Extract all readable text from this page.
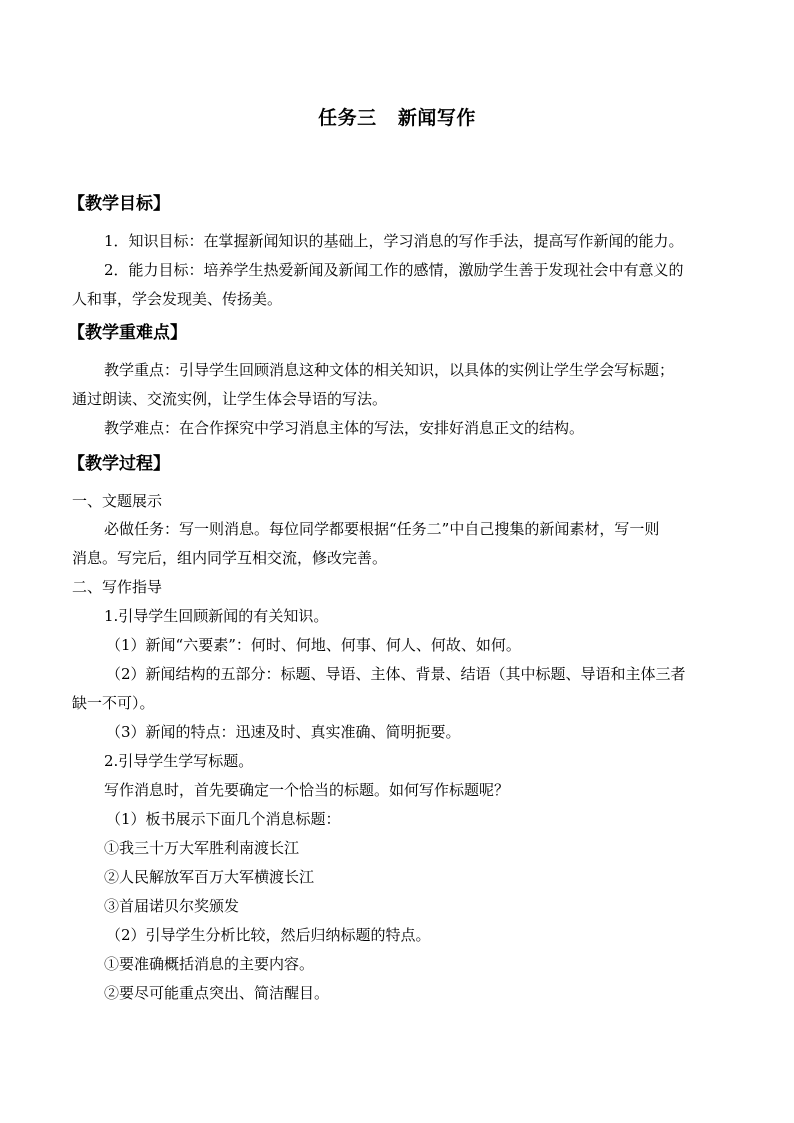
任务三   新闻写作
【教学目标】
1．知识目标：在掌握新闻知识的基础上，学习消息的写作手法，提高写作新闻的能力。
2．能力目标：培养学生热爱新闻及新闻工作的感情，激励学生善于发现社会中有意义的
人和事，学会发现美、传扬美。
【教学重难点】
教学重点：引导学生回顾消息这种文体的相关知识，以具体的实例让学生学会写标题；
通过朗读、交流实例，让学生体会导语的写法。
教学难点：在合作探究中学习消息主体的写法，安排好消息正文的结构。
【教学过程】
一、文题展示
必做任务：写一则消息。每位同学都要根据“任务二”中自己搜集的新闻素材，写一则
消息。写完后，组内同学互相交流，修改完善。
二、写作指导
1.引导学生回顾新闻的有关知识。
（1）新闻“六要素”：何时、何地、何事、何人、何故、如何。
（2）新闻结构的五部分：标题、导语、主体、背景、结语（其中标题、导语和主体三者
缺一不可）。
（3）新闻的特点：迅速及时、真实准确、简明扼要。
2.引导学生学写标题。
写作消息时，首先要确定一个恰当的标题。如何写作标题呢？
（1）板书展示下面几个消息标题：
①我三十万大军胜利南渡长江
②人民解放军百万大军横渡长江
③首届诺贝尔奖颁发
（2）引导学生分析比较，然后归纳标题的特点。
①要准确概括消息的主要内容。
②要尽可能重点突出、简洁醒目。
